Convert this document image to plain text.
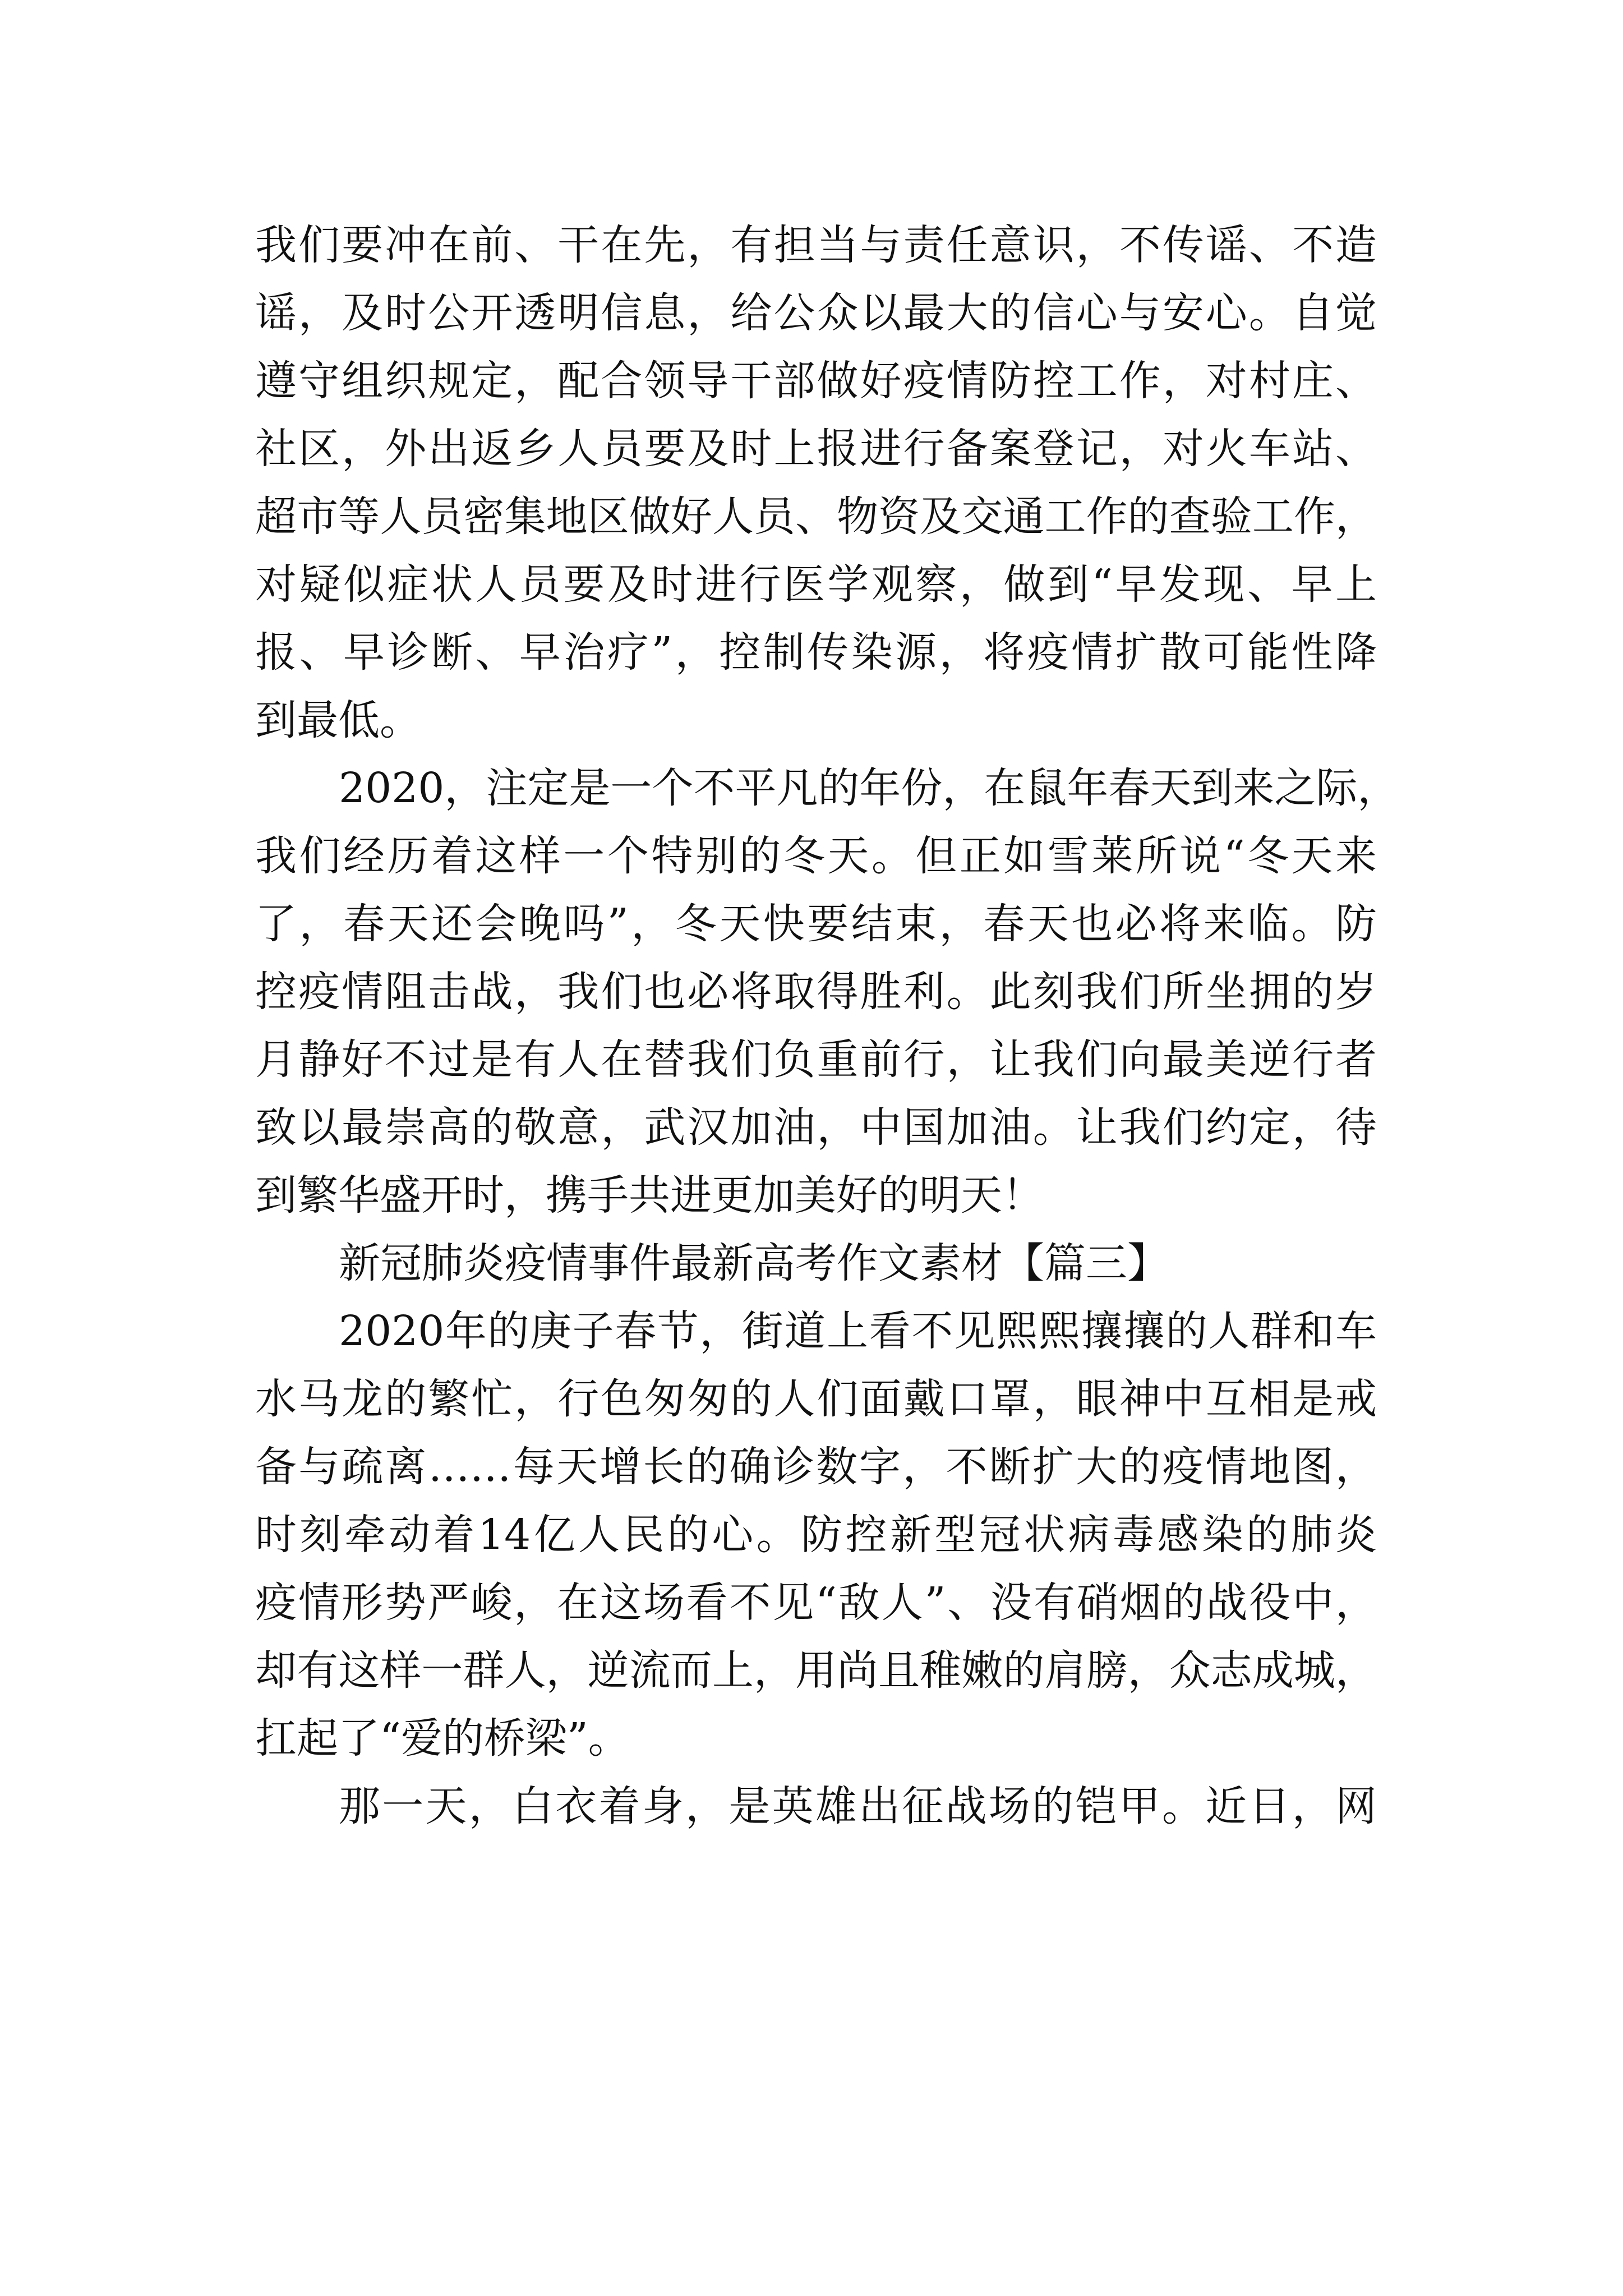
我们要冲在前、干在先，有担当与责任意识，不传谣、不造
谣，及时公开透明信息，给公众以最大的信心与安心。自觉
遵守组织规定，配合领导干部做好疫情防控工作，对村庄、
社区，外出返乡人员要及时上报进行备案登记，对火车站、
超市等人员密集地区做好人员、物资及交通工作的查验工作，
对疑似症状人员要及时进行医学观察，做到“早发现、早上
报、早诊断、早治疗”，控制传染源，将疫情扩散可能性降
到最低。
2020，注定是一个不平凡的年份，在鼠年春天到来之际，
我们经历着这样一个特别的冬天。但正如雪莱所说“冬天来
了，春天还会晚吗”，冬天快要结束，春天也必将来临。防
控疫情阻击战，我们也必将取得胜利。此刻我们所坐拥的岁
月静好不过是有人在替我们负重前行，让我们向最美逆行者
致以最崇高的敬意，武汉加油，中国加油。让我们约定，待
到繁华盛开时，携手共进更加美好的明天！
新冠肺炎疫情事件最新高考作文素材【篇三】
2020年的庚子春节，街道上看不见熙熙攘攘的人群和车
水马龙的繁忙，行色匆匆的人们面戴口罩，眼神中互相是戒
备与疏离……每天增长的确诊数字，不断扩大的疫情地图，
时刻牵动着14亿人民的心。防控新型冠状病毒感染的肺炎
疫情形势严峻，在这场看不见“敌人”、没有硝烟的战役中，
却有这样一群人，逆流而上，用尚且稚嫩的肩膀，众志成城，
扛起了“爱的桥梁”。
那一天，白衣着身，是英雄出征战场的铠甲。近日，网
